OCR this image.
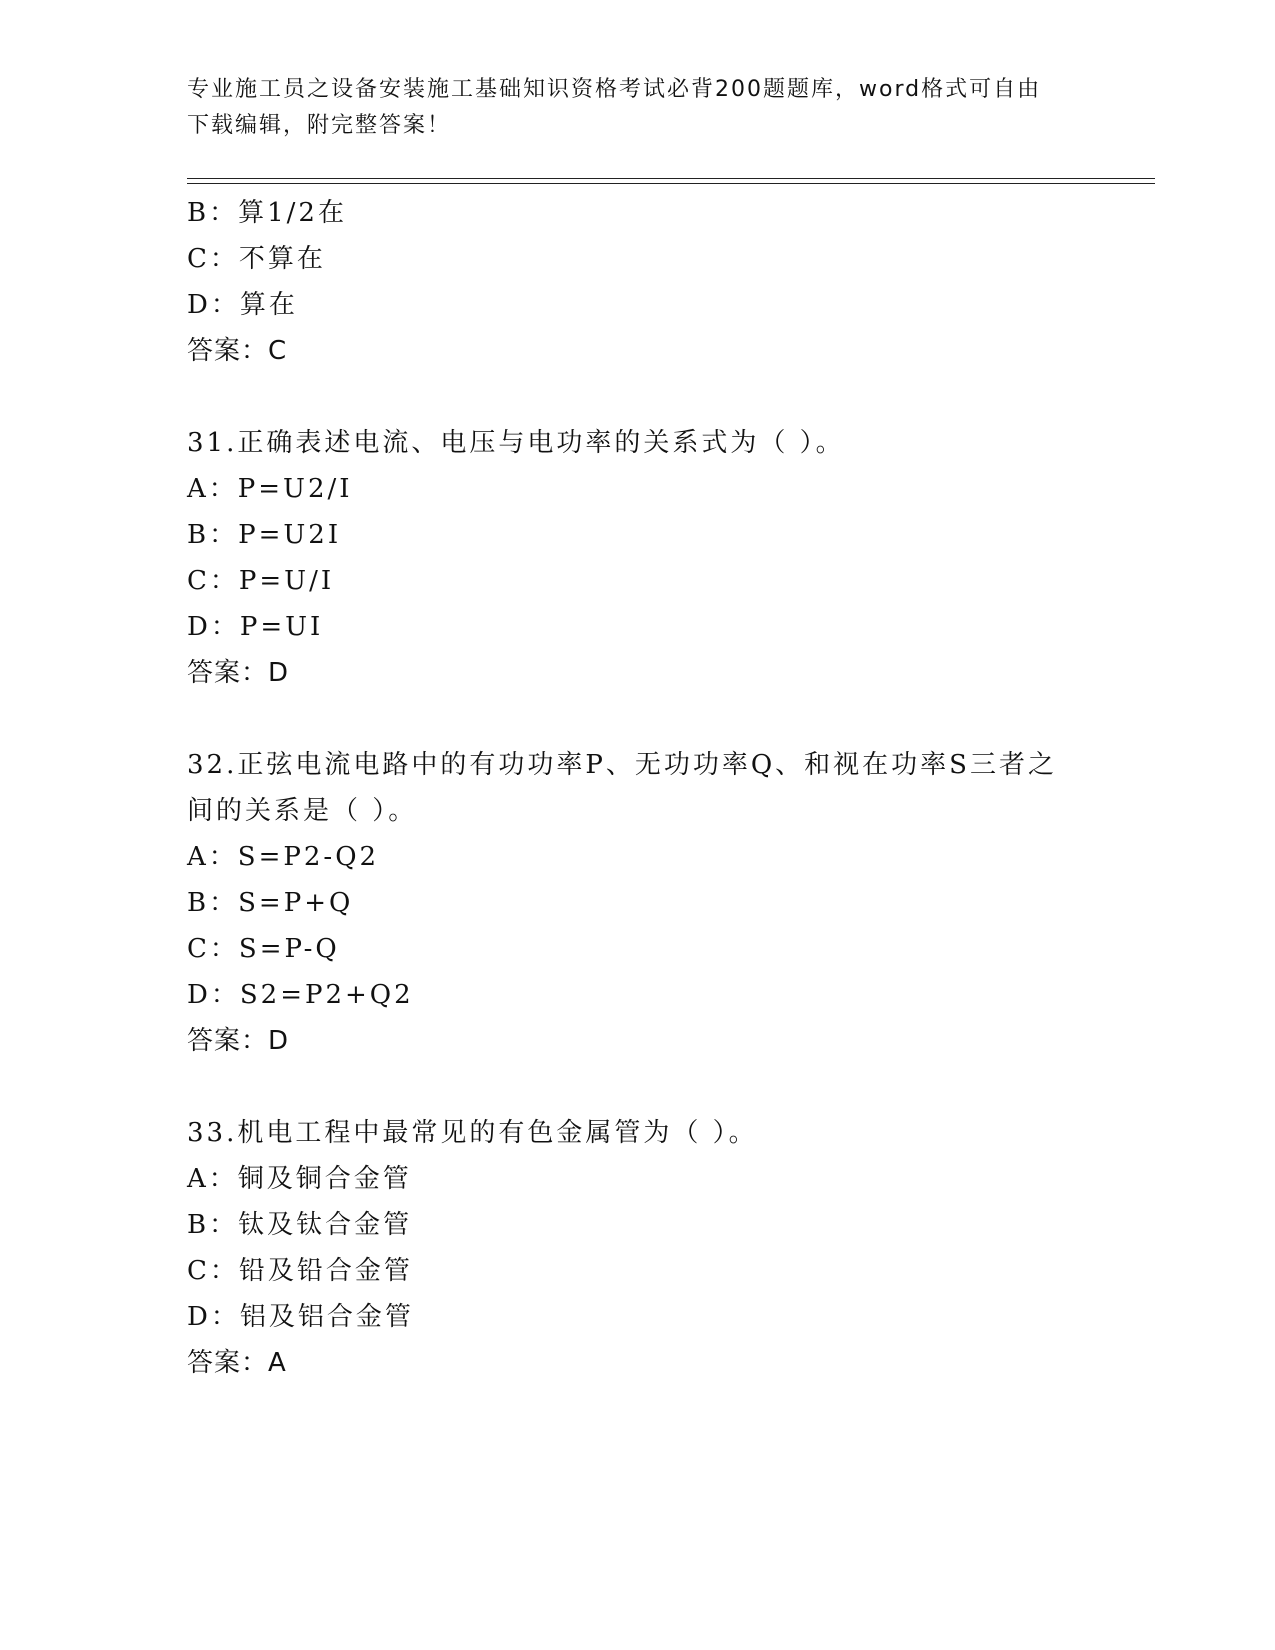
专业施工员之设备安装施工基础知识资格考试必背200题题库，word格式可自由
下载编辑，附完整答案！
B：算1/2在
C：不算在
D：算在
答案：C
31.正确表述电流、电压与电功率的关系式为（ ）。
A：P=U2/I
B：P=U2I
C：P=U/I
D：P=UI
答案：D
32.正弦电流电路中的有功功率P、无功功率Q、和视在功率S三者之
间的关系是（ ）。
A：S=P2-Q2
B：S=P+Q
C：S=P-Q
D：S2=P2+Q2
答案：D
33.机电工程中最常见的有色金属管为（ ）。
A：铜及铜合金管
B：钛及钛合金管
C：铅及铅合金管
D：铝及铝合金管
答案：A
